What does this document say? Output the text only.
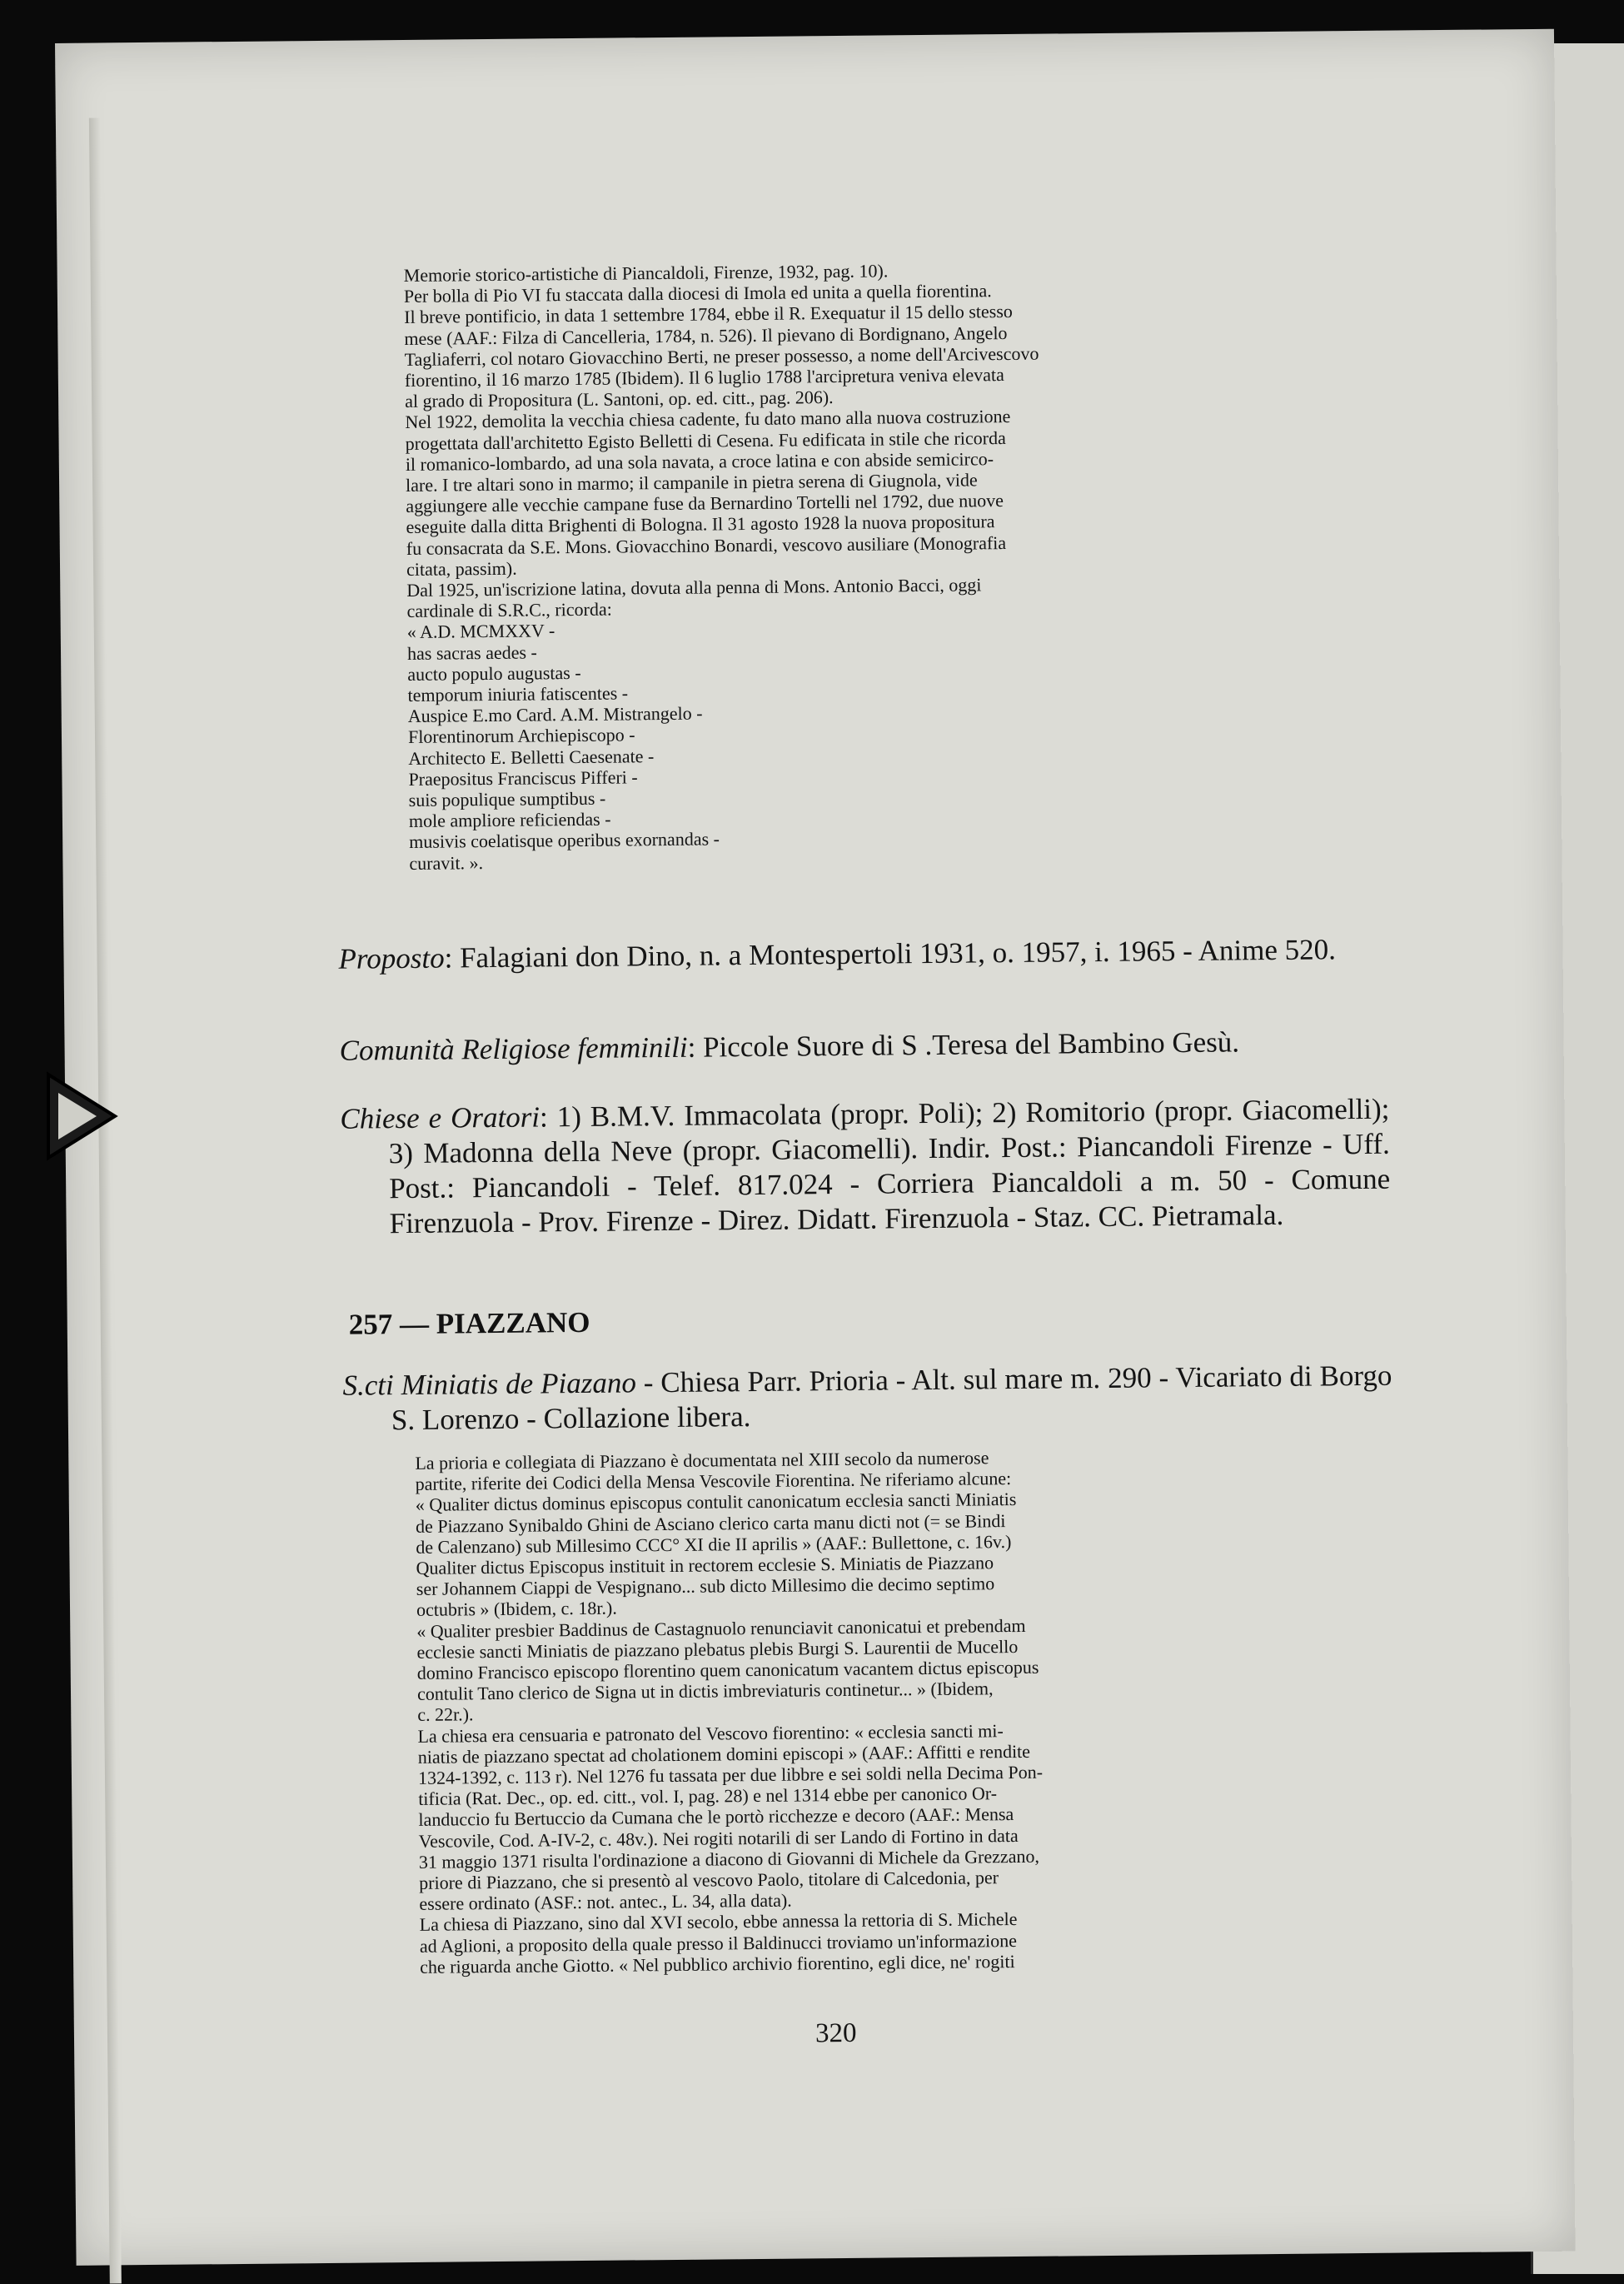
Memorie storico-artistiche di Piancaldoli, Firenze, 1932, pag. 10).

Per bolla di Pio VI fu staccata dalla diocesi di Imola ed unita a quella fiorentina.

Il breve pontificio, in data 1 settembre 1784, ebbe il R. Exequatur il 15 dello stesso

mese (AAF.: Filza di Cancelleria, 1784, n. 526). Il pievano di Bordignano, Angelo

Tagliaferri, col notaro Giovacchino Berti, ne preser possesso, a nome dell'Arcivescovo

fiorentino, il 16 marzo 1785 (Ibidem). Il 6 luglio 1788 l'arcipretura veniva elevata

al grado di Propositura (L. Santoni, op. ed. citt., pag. 206).

Nel 1922, demolita la vecchia chiesa cadente, fu dato mano alla nuova costruzione

progettata dall'architetto Egisto Belletti di Cesena. Fu edificata in stile che ricorda

il romanico-lombardo, ad una sola navata, a croce latina e con abside semicirco-

lare. I tre altari sono in marmo; il campanile in pietra serena di Giugnola, vide

aggiungere alle vecchie campane fuse da Bernardino Tortelli nel 1792, due nuove

eseguite dalla ditta Brighenti di Bologna. Il 31 agosto 1928 la nuova propositura

fu consacrata da S.E. Mons. Giovacchino Bonardi, vescovo ausiliare (Monografia

citata, passim).

Dal 1925, un'iscrizione latina, dovuta alla penna di Mons. Antonio Bacci, oggi

cardinale di S.R.C., ricorda:

« A.D. MCMXXV -

has sacras aedes -

aucto populo augustas -

temporum iniuria fatiscentes -

Auspice E.mo Card. A.M. Mistrangelo -

Florentinorum Archiepiscopo -

Architecto E. Belletti Caesenate -

Praepositus Franciscus Pifferi -

suis populique sumptibus -

mole ampliore reficiendas -

musivis coelatisque operibus exornandas -

curavit. ».

Proposto: Falagiani don Dino, n. a Montespertoli 1931, o. 1957, i. 1965 - Anime 520.

Comunità Religiose femminili: Piccole Suore di S .Teresa del Bambino Gesù.

Chiese e Oratori: 1) B.M.V. Immacolata (propr. Poli); 2) Romitorio (propr. Giacomelli); 3) Madonna della Neve (propr. Giacomelli). Indir. Post.: Piancandoli Firenze - Uff. Post.: Piancandoli - Telef. 817.024 - Corriera Piancaldoli a m. 50 - Comune Firenzuola - Prov. Firenze - Direz. Didatt. Firenzuola - Staz. CC. Pietramala.

257 — PIAZZANO

S.cti Miniatis de Piazano - Chiesa Parr. Prioria - Alt. sul mare m. 290 - Vicariato di Borgo S. Lorenzo - Collazione libera.

La prioria e collegiata di Piazzano è documentata nel XIII secolo da numerose

partite, riferite dei Codici della Mensa Vescovile Fiorentina. Ne riferiamo alcune:

« Qualiter dictus dominus episcopus contulit canonicatum ecclesia sancti Miniatis

de Piazzano Synibaldo Ghini de Asciano clerico carta manu dicti not (= se Bindi

de Calenzano) sub Millesimo CCC° XI die II aprilis » (AAF.: Bullettone, c. 16v.)

Qualiter dictus Episcopus instituit in rectorem ecclesie S. Miniatis de Piazzano

ser Johannem Ciappi de Vespignano... sub dicto Millesimo die decimo septimo

octubris » (Ibidem, c. 18r.).

« Qualiter presbier Baddinus de Castagnuolo renunciavit canonicatui et prebendam

ecclesie sancti Miniatis de piazzano plebatus plebis Burgi S. Laurentii de Mucello

domino Francisco episcopo florentino quem canonicatum vacantem dictus episcopus

contulit Tano clerico de Signa ut in dictis imbreviaturis continetur... » (Ibidem,

c. 22r.).

La chiesa era censuaria e patronato del Vescovo fiorentino: « ecclesia sancti mi-

niatis de piazzano spectat ad cholationem domini episcopi » (AAF.: Affitti e rendite

1324-1392, c. 113 r). Nel 1276 fu tassata per due libbre e sei soldi nella Decima Pon-

tificia (Rat. Dec., op. ed. citt., vol. I, pag. 28) e nel 1314 ebbe per canonico Or-

landuccio fu Bertuccio da Cumana che le portò ricchezze e decoro (AAF.: Mensa

Vescovile, Cod. A-IV-2, c. 48v.). Nei rogiti notarili di ser Lando di Fortino in data

31 maggio 1371 risulta l'ordinazione a diacono di Giovanni di Michele da Grezzano,

priore di Piazzano, che si presentò al vescovo Paolo, titolare di Calcedonia, per

essere ordinato (ASF.: not. antec., L. 34, alla data).

La chiesa di Piazzano, sino dal XVI secolo, ebbe annessa la rettoria di S. Michele

ad Aglioni, a proposito della quale presso il Baldinucci troviamo un'informazione

che riguarda anche Giotto. « Nel pubblico archivio fiorentino, egli dice, ne' rogiti

320
